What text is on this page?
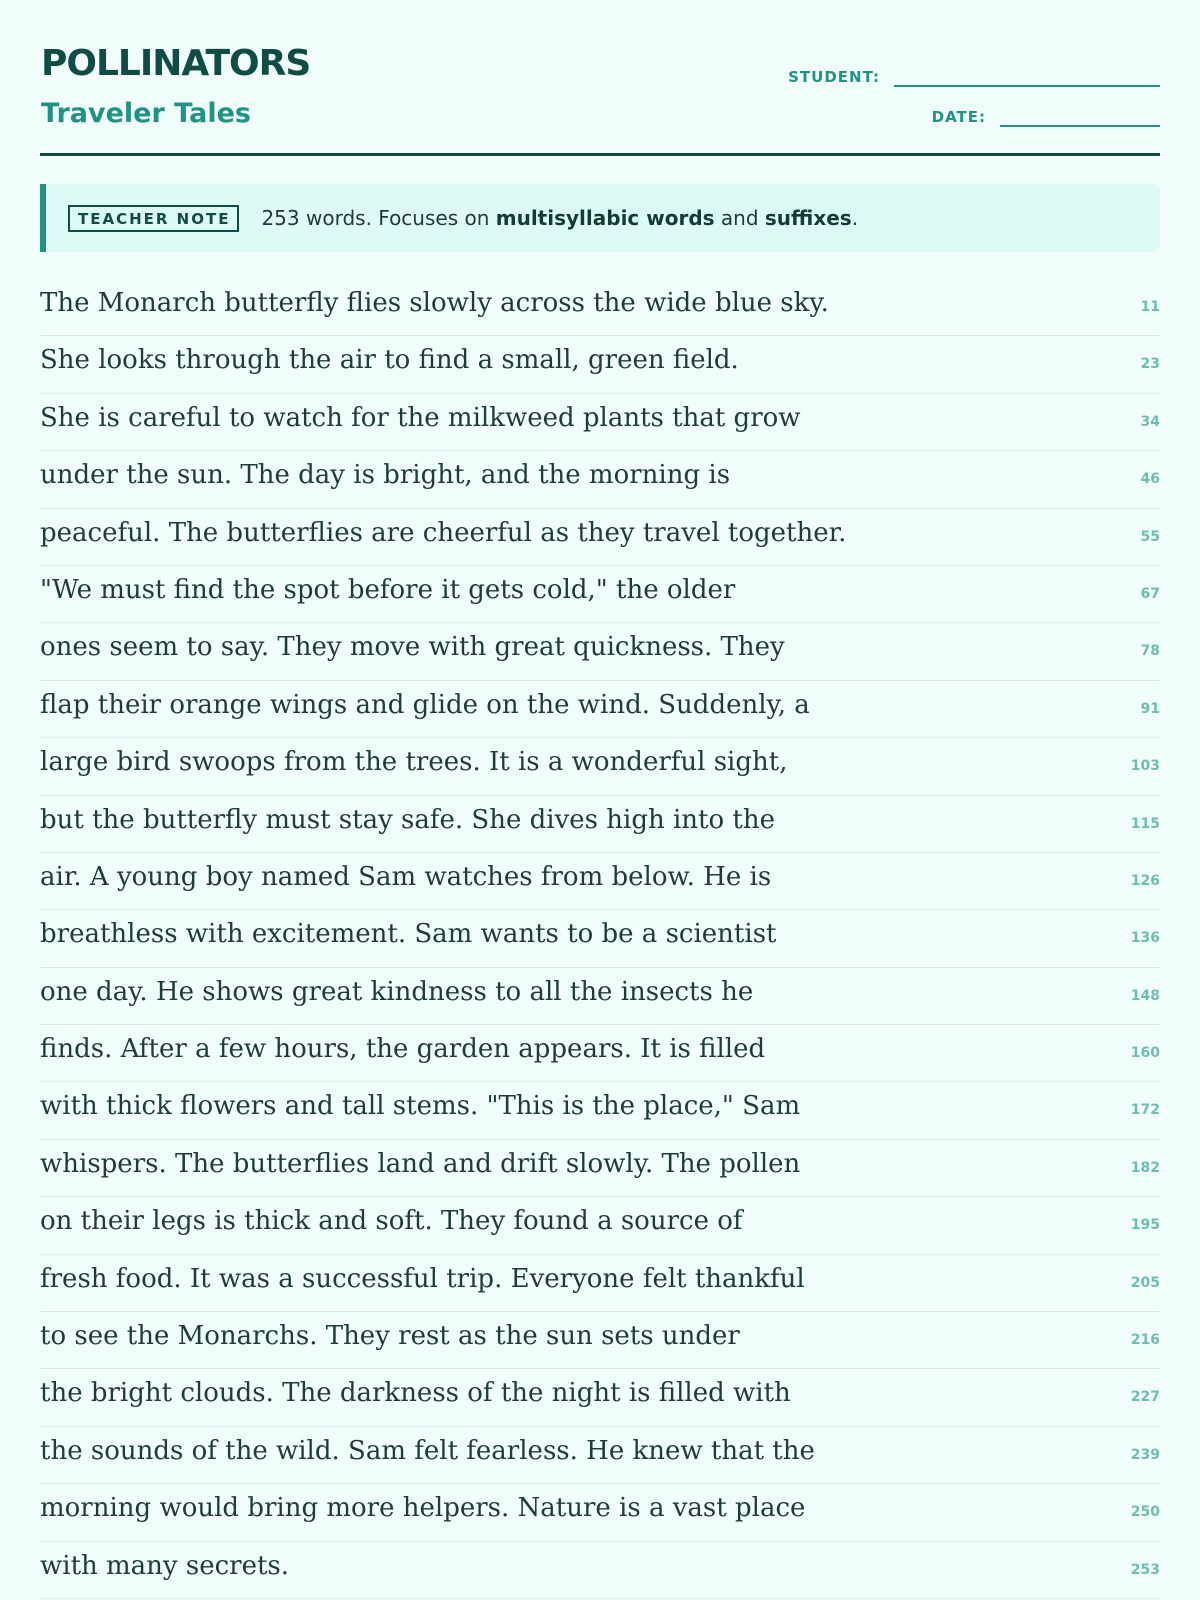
POLLINATORS
Traveler Tales
STUDENT:
DATE:
TEACHER NOTE	253 words. Focuses on multisyllabic words and suffixes.
The Monarch butterfly flies slowly across the wide blue sky.	11
She looks through the air to find a small, green field.	23
She is careful to watch for the milkweed plants that grow	34
under the sun. The day is bright, and the morning is	46
peaceful. The butterflies are cheerful as they travel together.	55
"We must find the spot before it gets cold," the older	67
ones seem to say. They move with great quickness. They	78
flap their orange wings and glide on the wind. Suddenly, a	91
large bird swoops from the trees. It is a wonderful sight,	103
but the butterfly must stay safe. She dives high into the	115
air. A young boy named Sam watches from below. He is	126
breathless with excitement. Sam wants to be a scientist	136
one day. He shows great kindness to all the insects he	148
finds. After a few hours, the garden appears. It is filled	160
with thick flowers and tall stems. "This is the place," Sam	172
whispers. The butterflies land and drift slowly. The pollen	182
on their legs is thick and soft. They found a source of	195
fresh food. It was a successful trip. Everyone felt thankful	205
to see the Monarchs. They rest as the sun sets under	216
the bright clouds. The darkness of the night is filled with	227
the sounds of the wild. Sam felt fearless. He knew that the	239
morning would bring more helpers. Nature is a vast place	250
with many secrets.	253
